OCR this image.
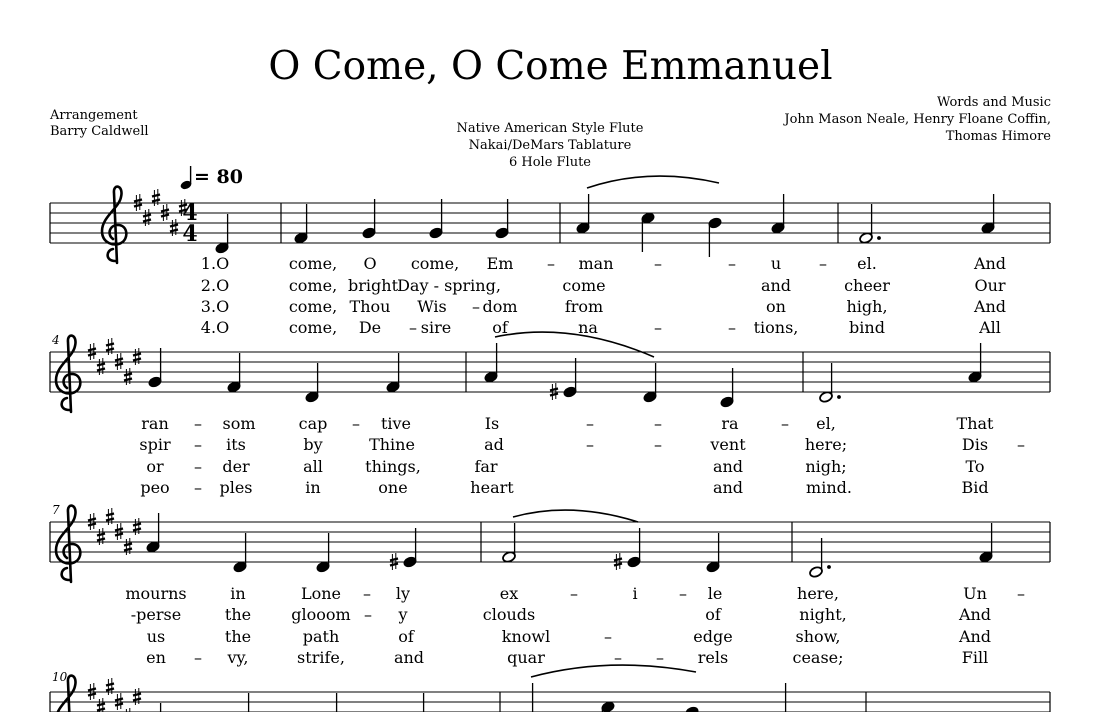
O Come, O Come Emmanuel
Arrangement
Barry Caldwell	Native American Style Flute
Nakai/DeMars Tablature
6 Hole Flute
Words and Music
John Mason Neale, Henry Floane Coffin,
Thomas Himore
= 80
4
7
10
4
4
1.O	come, O come, Em – man	–	– u – el.	And
2.O	come, bright Day - spring,	come	and	cheer	Our
3.O	come, Thou Wis – dom	from	on	high,	And
4.O	come, De – sire	of	na	–	– tions,	bind	All
ran – som	cap – tive	Is	–	–	ra	– el,	That
spir – its	by	Thine	ad	–	–	vent	here;	Dis –
or – der	all	things,	far	and	nigh;	To
peo – ples	in	one	heart	and	mind.	Bid
mourns	in	Lone – ly	ex	–	i	– le	here,	Un –
-perse	the	glooom – y	clouds	of	night,	And
us	the	path	of	knowl	–	edge	show,	And
en – vy,	strife,	and	quar	– – rels	cease;	Fill
